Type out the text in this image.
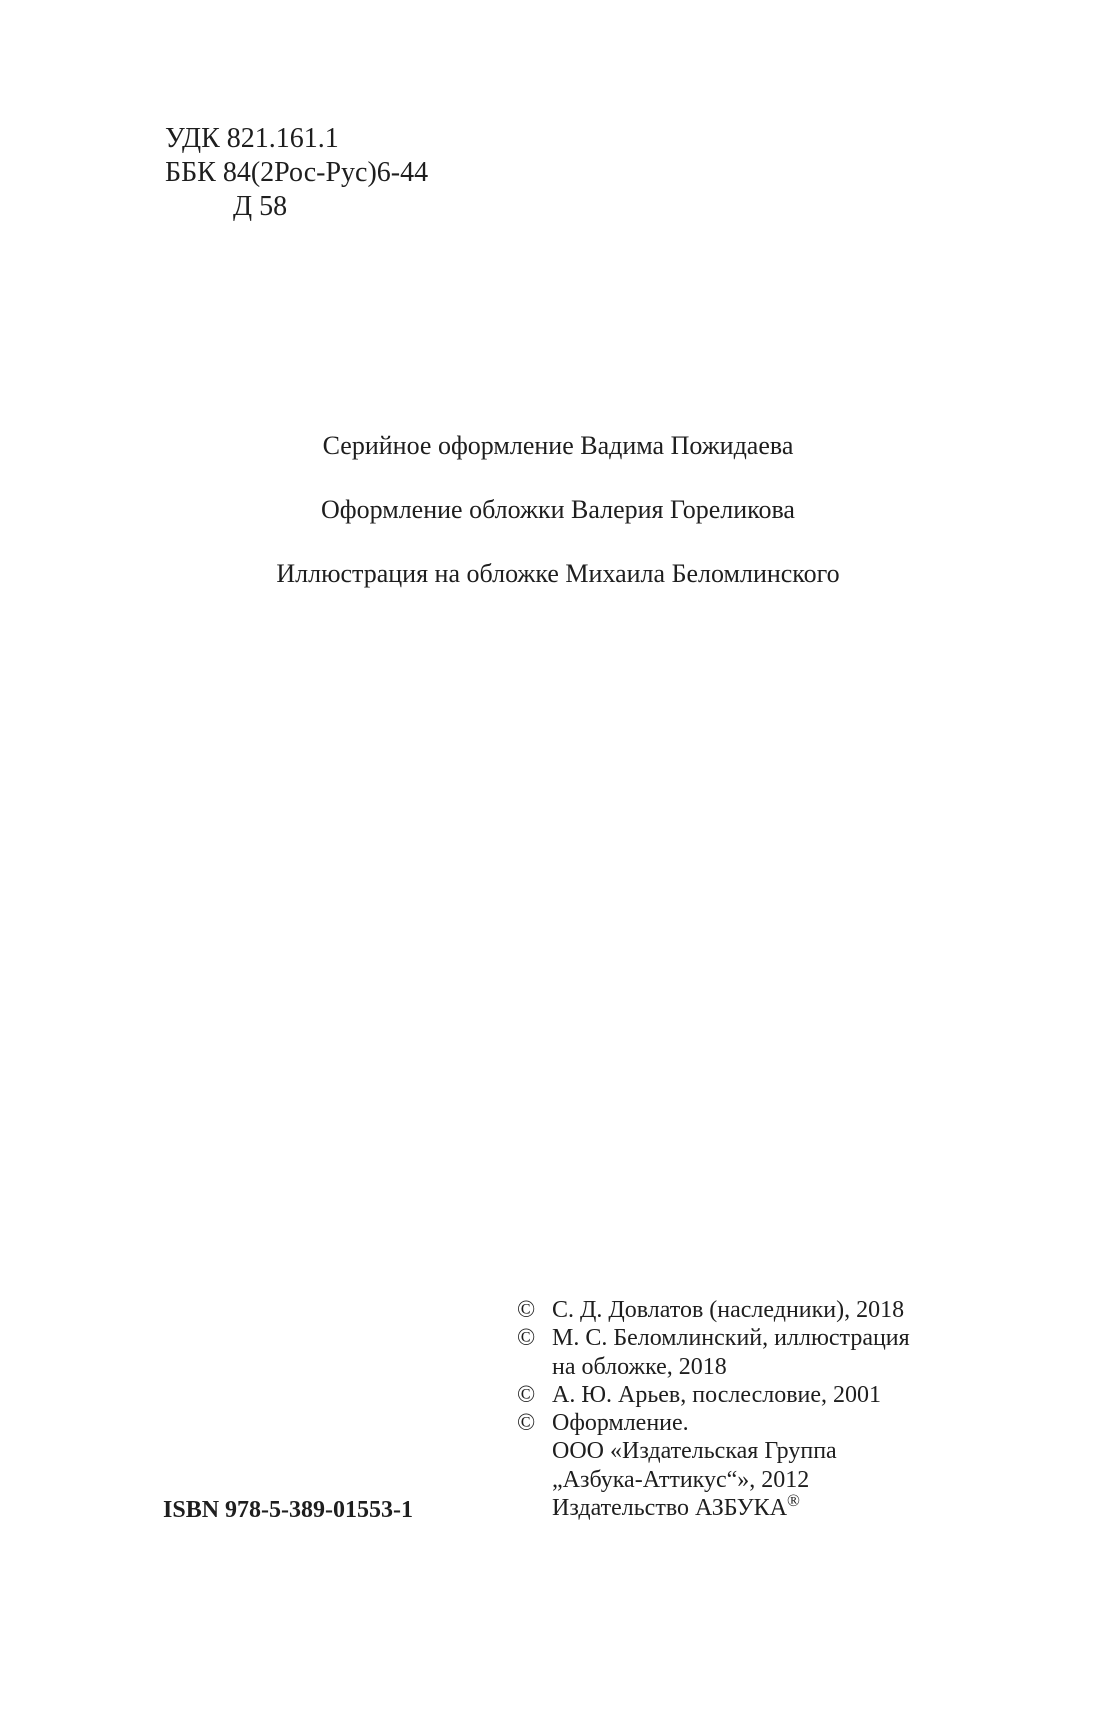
УДК 821.161.1
ББК 84(2Рос-Рус)6-44
Д 58
Серийное оформление Вадима Пожидаева
Оформление обложки Валерия Гореликова
Иллюстрация на обложке Михаила Беломлинского
© С. Д. Довлатов (наследники), 2018
© М. С. Беломлинский, иллюстрация
на обложке, 2018
© А. Ю. Арьев, послесловие, 2001
© Оформление.
ООО «Издательская Группа
„Азбука-Аттикус“», 2012
Издательство АЗБУКА®
ISBN 978-5-389-01553-1
